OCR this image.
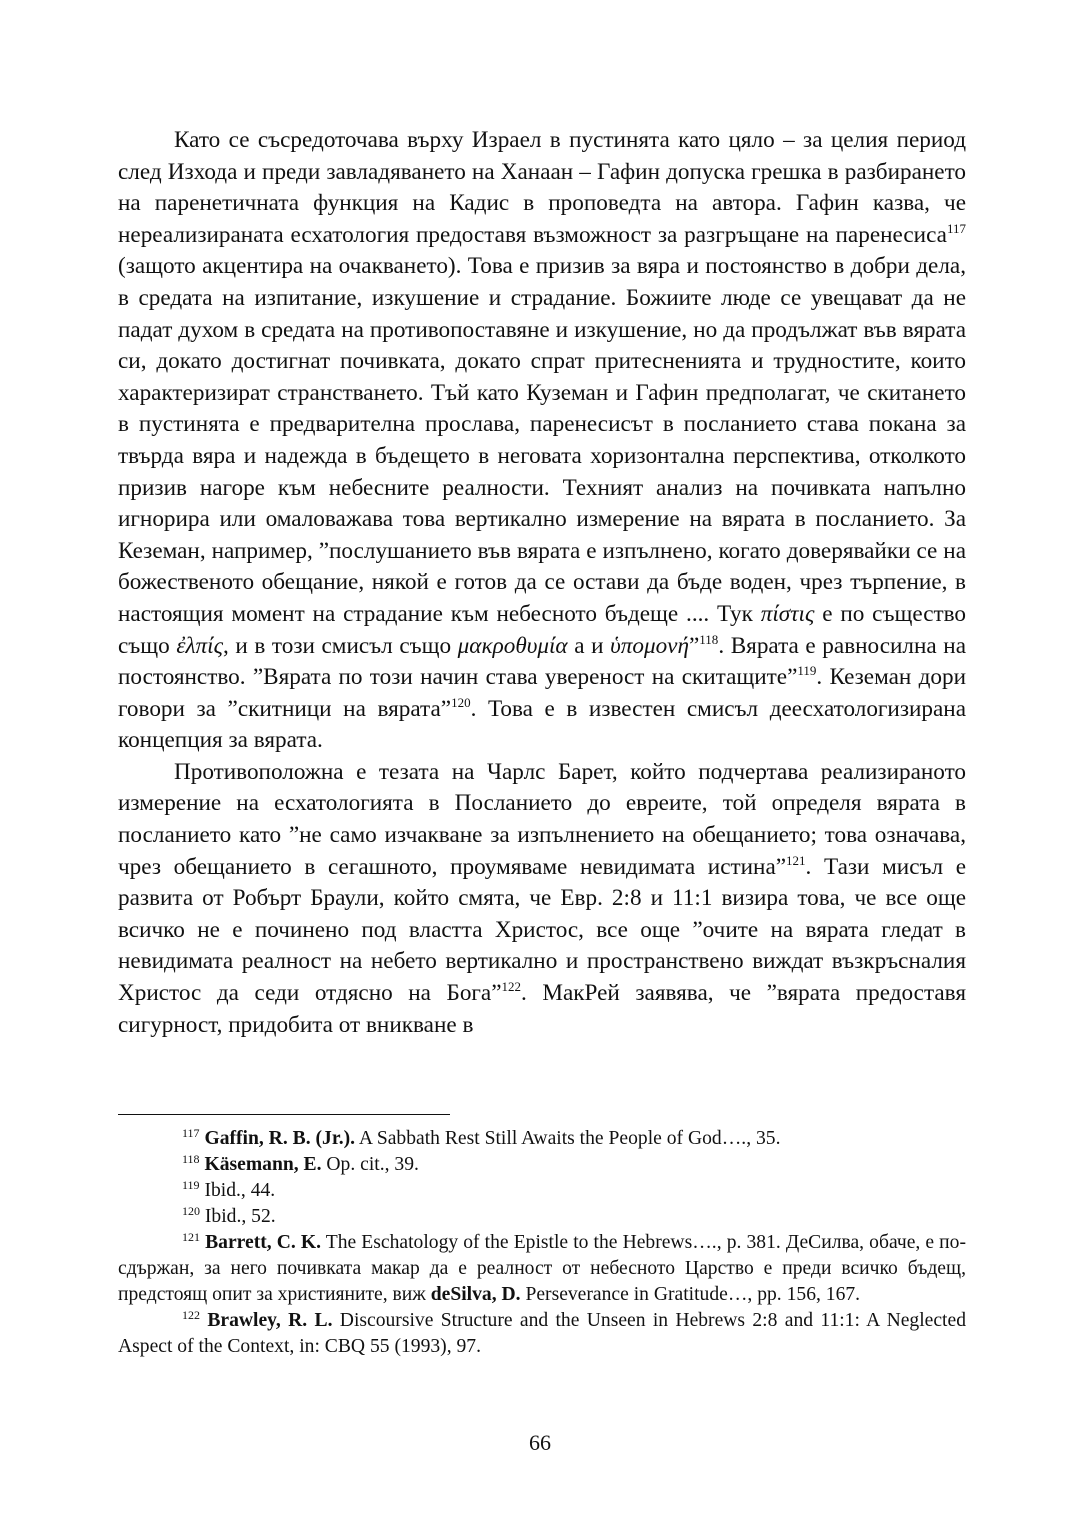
Като се съсредоточава върху Израел в пустинята като цяло – за целия период след Изхода и преди завладяването на Ханаан – Гафин допуска грешка в разбирането на паренетичната функция на Кадис в проповедта на автора. Гафин казва, че нереализираната есхатология предоставя възможност за разгръщане на паренесиса$^{117}$ (защото акцентира на очакването). Това е призив за вяра и постоянство в добри дела, в средата на изпитание, изкушение и страдание. Божиите люде се увещават да не падат духом в средата на противопоставяне и изкушение, но да продължат във вярата си, докато достигнат почивката, докато спрат притесненията и трудностите, които характеризират странстването. Тъй като Куземан и Гафин предполагат, че скитането в пустинята е предварителна прослава, паренесисът в посланието става покана за твърда вяра и надежда в бъдещето в неговата хоризонтална перспектива, отколкото призив нагоре към небесните реалности. Техният анализ на почивката напълно игнорира или омаловажава това вертикално измерение на вярата в посланието. За Кеземан, например, ”послушанието във вярата е изпълнено, когато доверявайки се на божественото обещание, някой е готов да се остави да бъде воден, чрез търпение, в настоящия момент на страдание към небесното бъдеще .... Тук πίστις е по същество също ἐλπίς, и в този смисъл също μακροθυμία а и ὑπομονή”$^{118}$. Вярата е равносилна на постоянство. ”Вярата по този начин става увереност на скитащите”$^{119}$. Кеземан дори говори за ”скитници на вярата”$^{120}$. Това е в известен смисъл деесхатологизирана концепция за вярата.

Противоположна е тезата на Чарлс Барет, който подчертава реализираното измерение на есхатологията в Посланието до евреите, той определя вярата в посланието като ”не само изчакване за изпълнението на обещанието; това означава, чрез обещанието в сегашното, проумяваме невидимата истина”$^{121}$. Тази мисъл е развита от Робърт Браули, който смята, че Евр. 2:8 и 11:1 визира това, че все още всичко не е починено под властта Христос, все още ”очите на вярата гледат в невидимата реалност на небето вертикално и пространствено виждат възкръсналия Христос да седи отдясно на Бога”$^{122}$. МакРей заявява, че ”вярата предоставя сигурност, придобита от вникване в

$^{117}$ Gaffin, R. B. (Jr.). A Sabbath Rest Still Awaits the People of God…., 35.

$^{118}$ Käsemann, E. Op. cit., 39.

$^{119}$ Ibid., 44.

$^{120}$ Ibid., 52.

$^{121}$ Barrett, C. K. The Eschatology of the Epistle to the Hebrews…., p. 381. ДеСилва, обаче, е по-сдържан, за него почивката макар да е реалност от небесното Царство е преди всичко бъдещ, предстоящ опит за християните, виж deSilva, D. Perseverance in Gratitude…, pp. 156, 167.

$^{122}$ Brawley, R. L. Discoursive Structure and the Unseen in Hebrews 2:8 and 11:1: A Neglected Aspect of the Context, in: CBQ 55 (1993), 97.

66
